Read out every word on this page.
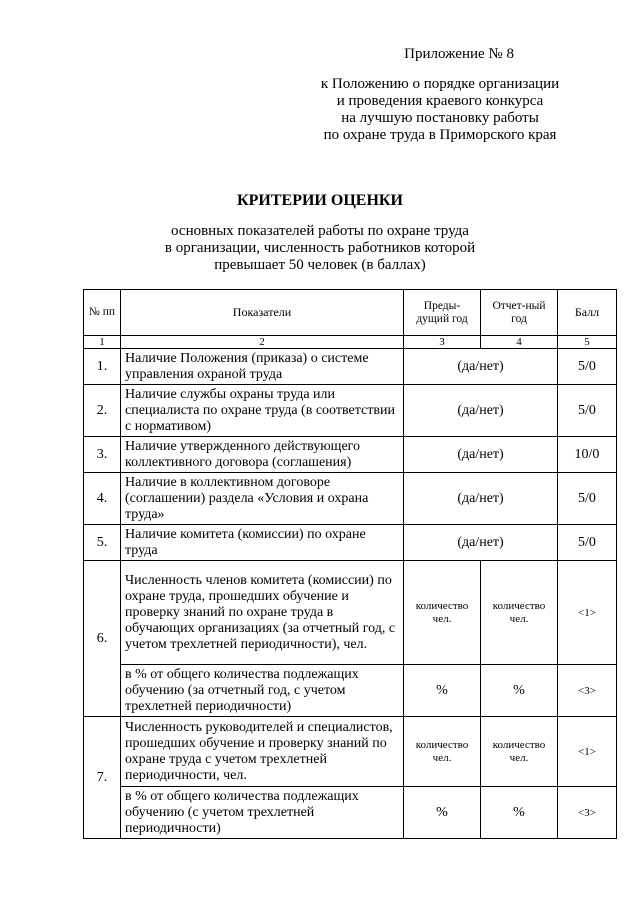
Приложение № 8
к Положению о порядке организации
и проведения краевого конкурса
на лучшую постановку работы
по охране труда в Приморского края
КРИТЕРИИ ОЦЕНКИ
основных показателей работы по охране труда
в организации, численность работников которой
превышает 50 человек (в баллах)
№ пп	Показатели	Преды-дущий год	Отчет-ный год	Балл
1	2	3	4	5
1.	Наличие Положения (приказа) о системе управления охраной труда	(да/нет)		5/0
2.	Наличие службы охраны труда или специалиста по охране труда (в соответствии с нормативом)	(да/нет)		5/0
3.	Наличие утвержденного действующего коллективного договора (соглашения)	(да/нет)		10/0
4.	Наличие в коллективном договоре (соглашении) раздела «Условия и охрана труда»	(да/нет)		5/0
5.	Наличие комитета (комиссии) по охране труда	(да/нет)		5/0
6.	Численность членов комитета (комиссии) по охране труда, прошедших обучение и проверку знаний по охране труда в обучающих организациях (за отчетный год, с учетом трехлетней периодичности), чел.	количество чел.	количество чел.	<1>
	в % от общего количества подлежащих обучению (за отчетный год, с учетом трехлетней периодичности)	%	%	<3>
7.	Численность руководителей и специалистов, прошедших обучение и проверку знаний по охране труда с учетом трехлетней периодичности, чел.	количество чел.	количество чел.	<1>
	в % от общего количества подлежащих обучению (с учетом трехлетней периодичности)	%	%	<3>
